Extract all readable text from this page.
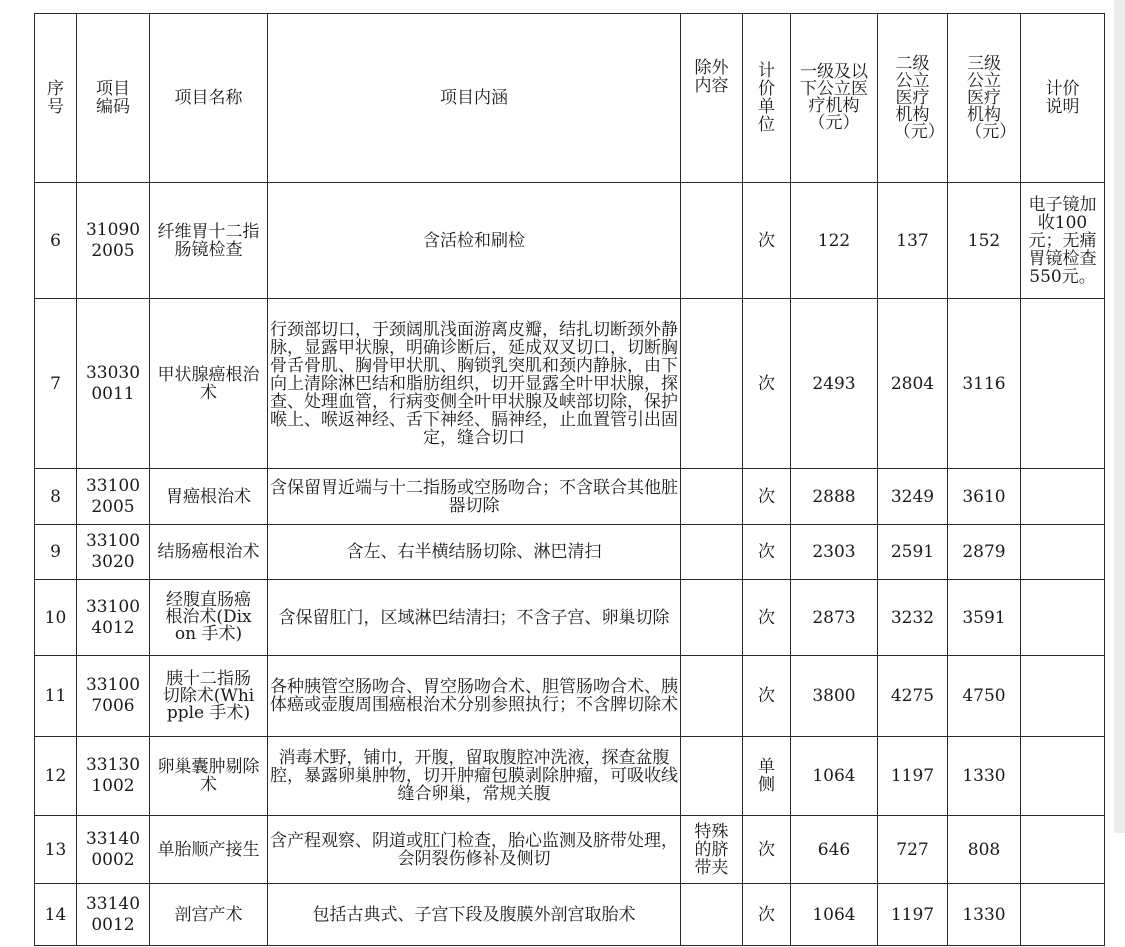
序号	项目编码	项目名称	项目内涵	除外内容	计价单位	一级及以下公立医疗机构（元）	二级公立医疗机构（元）	三级公立医疗机构（元）	计价说明
6	310902005	纤维胃十二指肠镜检查	含活检和刷检		次	122	137	152	电子镜加收100元；无痛胃镜检查550元。
7	330300011	甲状腺癌根治术	行颈部切口，于颈阔肌浅面游离皮瓣，结扎切断颈外静脉，显露甲状腺，明确诊断后，延成双叉切口，切断胸骨舌骨肌、胸骨甲状肌、胸锁乳突肌和颈内静脉，由下向上清除淋巴结和脂肪组织，切开显露全叶甲状腺，探查、处理血管，行病变侧全叶甲状腺及峡部切除，保护喉上、喉返神经、舌下神经、膈神经，止血置管引出固定，缝合切口		次	2493	2804	3116	
8	331002005	胃癌根治术	含保留胃近端与十二指肠或空肠吻合；不含联合其他脏器切除		次	2888	3249	3610	
9	331003020	结肠癌根治术	含左、右半横结肠切除、淋巴清扫		次	2303	2591	2879	
10	331004012	经腹直肠癌根治术(Dixon 手术)	含保留肛门，区域淋巴结清扫；不含子宫、卵巢切除		次	2873	3232	3591	
11	331007006	胰十二指肠切除术(Whipple 手术)	各种胰管空肠吻合、胃空肠吻合术、胆管肠吻合术、胰体癌或壶腹周围癌根治术分别参照执行；不含脾切除术		次	3800	4275	4750	
12	331301002	卵巢囊肿剔除术	消毒术野，铺巾，开腹，留取腹腔冲洗液，探查盆腹腔，暴露卵巢肿物，切开肿瘤包膜剥除肿瘤，可吸收线缝合卵巢，常规关腹		单侧	1064	1197	1330	
13	331400002	单胎顺产接生	含产程观察、阴道或肛门检查，胎心监测及脐带处理，会阴裂伤修补及侧切	特殊的脐带夹	次	646	727	808	
14	331400012	剖宫产术	包括古典式、子宫下段及腹膜外剖宫取胎术		次	1064	1197	1330	
